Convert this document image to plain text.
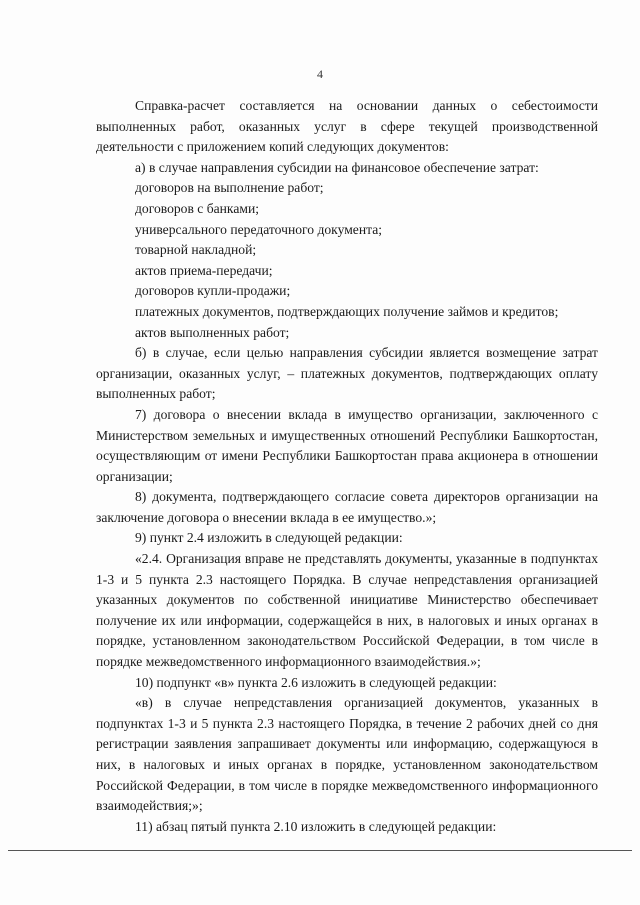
4

Справка-расчет составляется на основании данных о себестоимости выполненных работ, оказанных услуг в сфере текущей производственной деятельности с приложением копий следующих документов:

а) в случае направления субсидии на финансовое обеспечение затрат:

договоров на выполнение работ;

договоров с банками;

универсального передаточного документа;

товарной накладной;

актов приема-передачи;

договоров купли-продажи;

платежных документов, подтверждающих получение займов и кредитов;

актов выполненных работ;

б) в случае, если целью направления субсидии является возмещение затрат организации, оказанных услуг, – платежных документов, подтверждающих оплату выполненных работ;

7) договора о внесении вклада в имущество организации, заключенного с Министерством земельных и имущественных отношений Республики Башкортостан, осуществляющим от имени Республики Башкортостан права акционера в отношении организации;

8) документа, подтверждающего согласие совета директоров организации на заключение договора о внесении вклада в ее имущество.»;

9) пункт 2.4 изложить в следующей редакции:

«2.4. Организация вправе не представлять документы, указанные в подпунктах 1-3 и 5 пункта 2.3 настоящего Порядка. В случае непредставления организацией указанных документов по собственной инициативе Министерство обеспечивает получение их или информации, содержащейся в них, в налоговых и иных органах в порядке, установленном законодательством Российской Федерации, в том числе в порядке межведомственного информационного взаимодействия.»;

10) подпункт «в» пункта 2.6 изложить в следующей редакции:

«в) в случае непредставления организацией документов, указанных в подпунктах 1-3 и 5 пункта 2.3 настоящего Порядка, в течение 2 рабочих дней со дня регистрации заявления запрашивает документы или информацию, содержащуюся в них, в налоговых и иных органах в порядке, установленном законодательством Российской Федерации, в том числе в порядке межведомственного информационного взаимодействия;»;

11) абзац пятый пункта 2.10 изложить в следующей редакции:
